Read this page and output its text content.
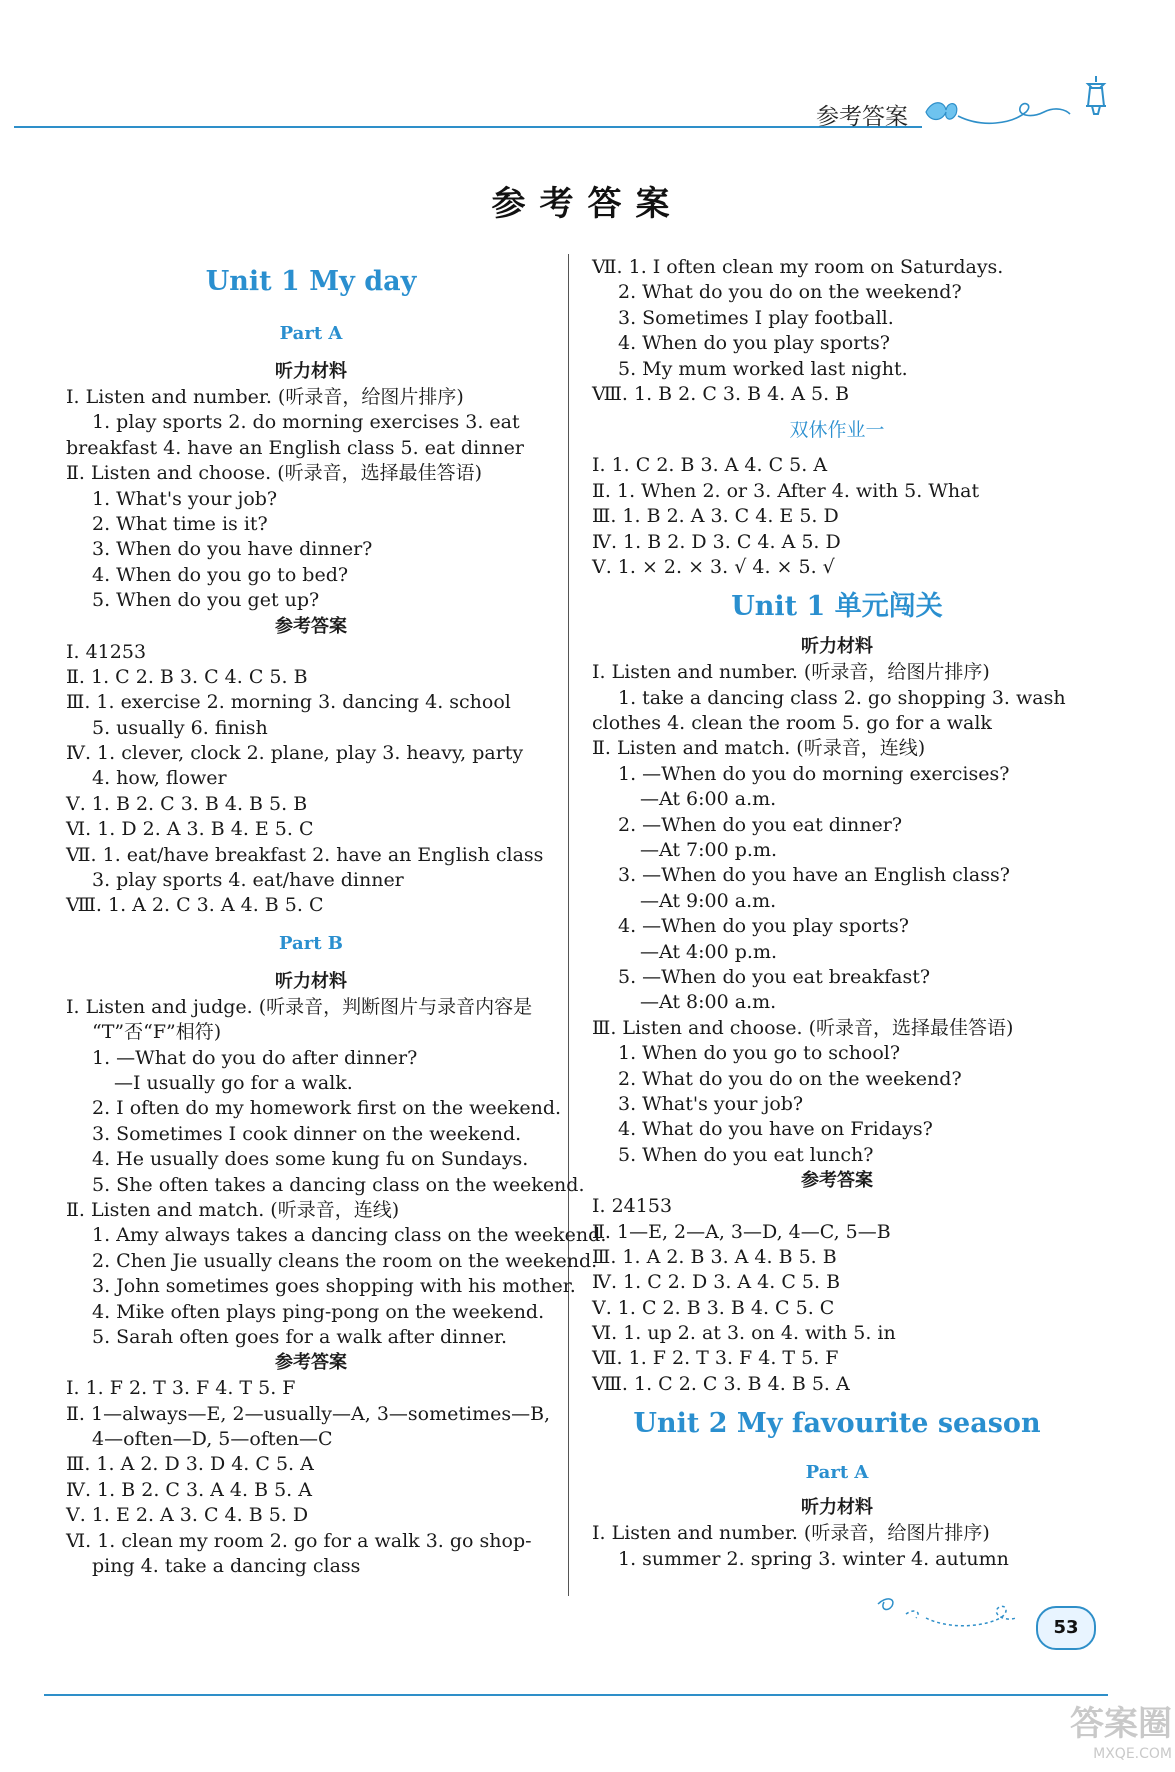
参考答案
参考答案
Unit 1 My day
Part A
听力材料
Ⅰ. Listen and number. (听录音，给图片排序)
1. play sports 2. do morning exercises 3. eat
breakfast 4. have an English class 5. eat dinner
Ⅱ. Listen and choose. (听录音，选择最佳答语)
1. What's your job?
2. What time is it?
3. When do you have dinner?
4. When do you go to bed?
5. When do you get up?
参考答案
Ⅰ. 41253
Ⅱ. 1. C 2. B 3. C 4. C 5. B
Ⅲ. 1. exercise 2. morning 3. dancing 4. school
5. usually 6. finish
Ⅳ. 1. clever, clock 2. plane, play 3. heavy, party
4. how, flower
Ⅴ. 1. B 2. C 3. B 4. B 5. B
Ⅵ. 1. D 2. A 3. B 4. E 5. C
Ⅶ. 1. eat/have breakfast 2. have an English class
3. play sports 4. eat/have dinner
Ⅷ. 1. A 2. C 3. A 4. B 5. C
Part B
听力材料
Ⅰ. Listen and judge. (听录音，判断图片与录音内容是
“T”否“F”相符)
1. —What do you do after dinner?
—I usually go for a walk.
2. I often do my homework first on the weekend.
3. Sometimes I cook dinner on the weekend.
4. He usually does some kung fu on Sundays.
5. She often takes a dancing class on the weekend.
Ⅱ. Listen and match. (听录音，连线)
1. Amy always takes a dancing class on the weekend.
2. Chen Jie usually cleans the room on the weekend.
3. John sometimes goes shopping with his mother.
4. Mike often plays ping-pong on the weekend.
5. Sarah often goes for a walk after dinner.
参考答案
Ⅰ. 1. F 2. T 3. F 4. T 5. F
Ⅱ. 1—always—E, 2—usually—A, 3—sometimes—B,
4—often—D, 5—often—C
Ⅲ. 1. A 2. D 3. D 4. C 5. A
Ⅳ. 1. B 2. C 3. A 4. B 5. A
Ⅴ. 1. E 2. A 3. C 4. B 5. D
Ⅵ. 1. clean my room 2. go for a walk 3. go shop-
ping 4. take a dancing class
Ⅶ. 1. I often clean my room on Saturdays.
2. What do you do on the weekend?
3. Sometimes I play football.
4. When do you play sports?
5. My mum worked last night.
Ⅷ. 1. B 2. C 3. B 4. A 5. B
双休作业一
Ⅰ. 1. C 2. B 3. A 4. C 5. A
Ⅱ. 1. When 2. or 3. After 4. with 5. What
Ⅲ. 1. B 2. A 3. C 4. E 5. D
Ⅳ. 1. B 2. D 3. C 4. A 5. D
Ⅴ. 1. × 2. × 3. √ 4. × 5. √
Unit 1 单元闯关
听力材料
Ⅰ. Listen and number. (听录音，给图片排序)
1. take a dancing class 2. go shopping 3. wash
clothes 4. clean the room 5. go for a walk
Ⅱ. Listen and match. (听录音，连线)
1. —When do you do morning exercises?
—At 6:00 a.m.
2. —When do you eat dinner?
—At 7:00 p.m.
3. —When do you have an English class?
—At 9:00 a.m.
4. —When do you play sports?
—At 4:00 p.m.
5. —When do you eat breakfast?
—At 8:00 a.m.
Ⅲ. Listen and choose. (听录音，选择最佳答语)
1. When do you go to school?
2. What do you do on the weekend?
3. What's your job?
4. What do you have on Fridays?
5. When do you eat lunch?
参考答案
Ⅰ. 24153
Ⅱ. 1—E, 2—A, 3—D, 4—C, 5—B
Ⅲ. 1. A 2. B 3. A 4. B 5. B
Ⅳ. 1. C 2. D 3. A 4. C 5. B
Ⅴ. 1. C 2. B 3. B 4. C 5. C
Ⅵ. 1. up 2. at 3. on 4. with 5. in
Ⅶ. 1. F 2. T 3. F 4. T 5. F
Ⅷ. 1. C 2. C 3. B 4. B 5. A
Unit 2 My favourite season
Part A
听力材料
Ⅰ. Listen and number. (听录音，给图片排序)
1. summer 2. spring 3. winter 4. autumn
53
答案圈
MXQE.COM
